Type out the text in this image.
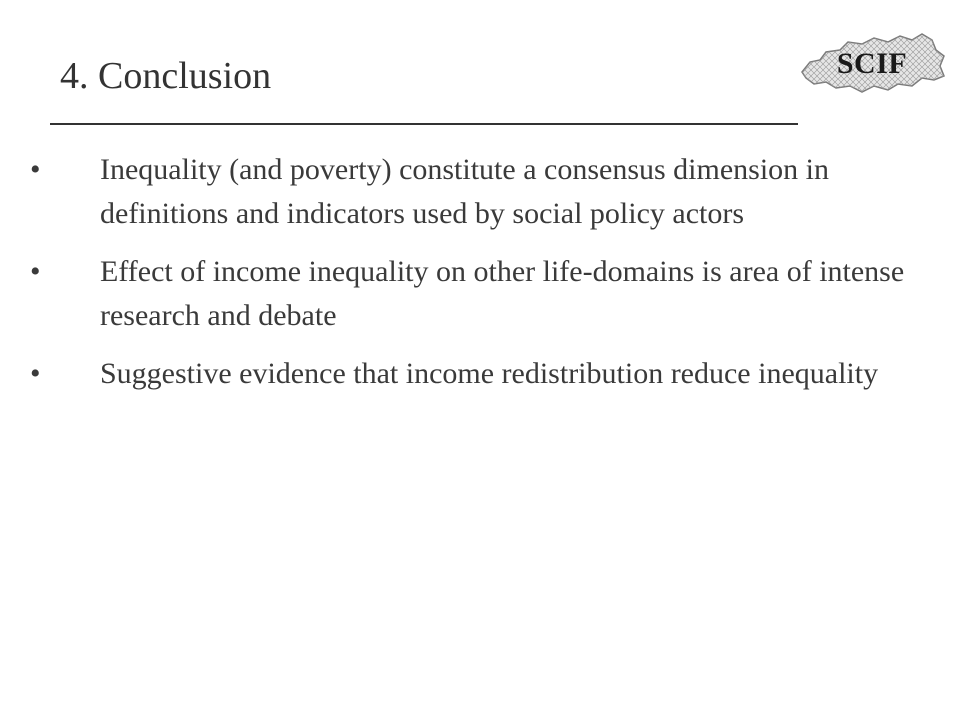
4. Conclusion	SCIF
•	Inequality (and poverty) constitute a consensus dimension in definitions and indicators used by social policy actors
•	Effect of income inequality on other life-domains is area of intense research and debate
•	Suggestive evidence that income redistribution reduce inequality
